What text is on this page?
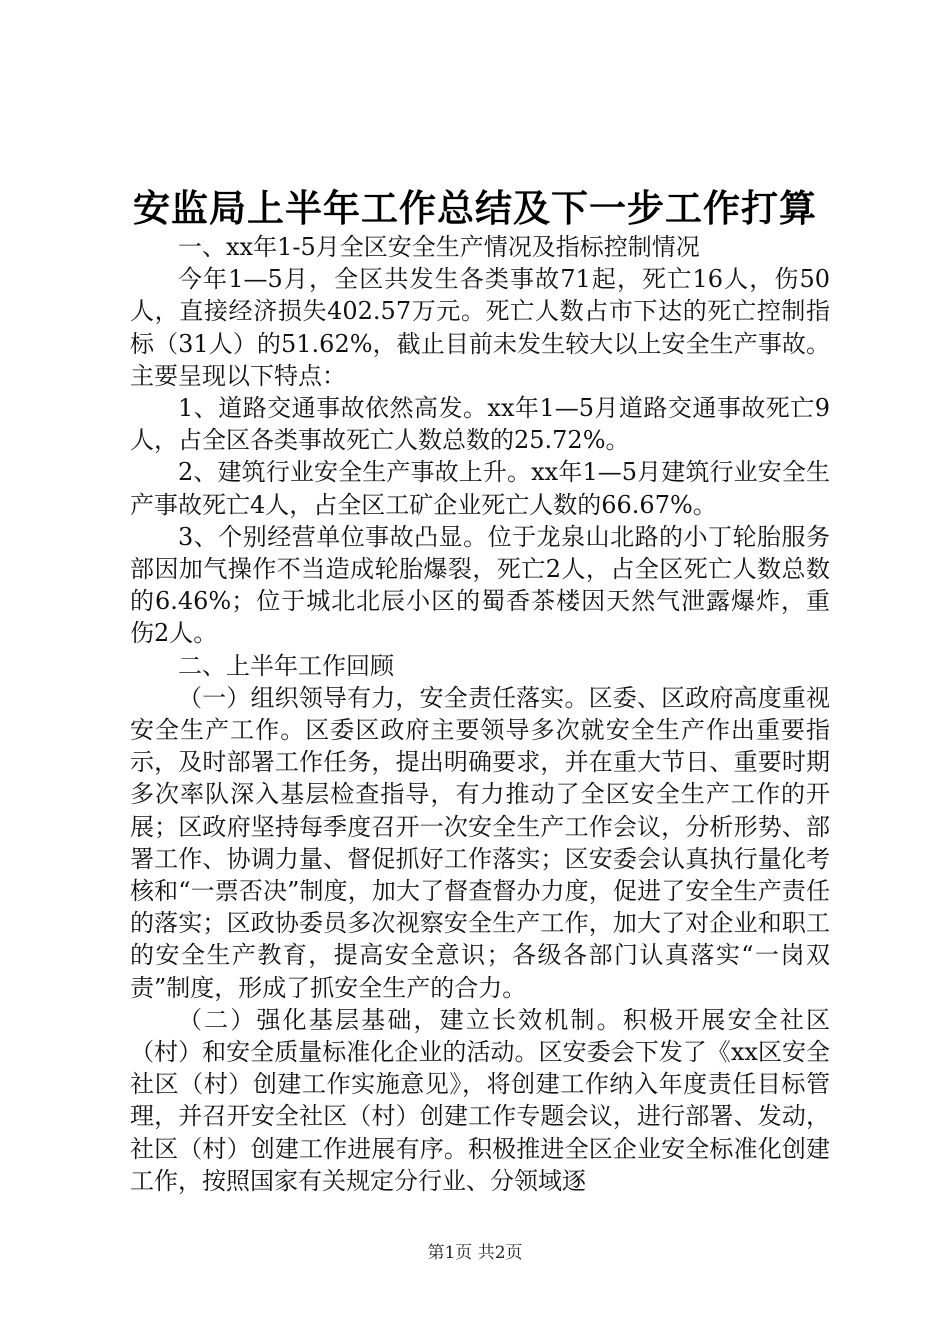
安监局上半年工作总结及下一步工作打算

一、xx年1-5月全区安全生产情况及指标控制情况

今年1—5月，全区共发生各类事故71起，死亡16人，伤50人，直接经济损失402.57万元。死亡人数占市下达的死亡控制指标（31人）的51.62%，截止目前未发生较大以上安全生产事故。主要呈现以下特点：

1、道路交通事故依然高发。xx年1—5月道路交通事故死亡9人，占全区各类事故死亡人数总数的25.72%。

2、建筑行业安全生产事故上升。xx年1—5月建筑行业安全生产事故死亡4人，占全区工矿企业死亡人数的66.67%。

3、个别经营单位事故凸显。位于龙泉山北路的小丁轮胎服务部因加气操作不当造成轮胎爆裂，死亡2人，占全区死亡人数总数的6.46%；位于城北北辰小区的蜀香茶楼因天然气泄露爆炸，重伤2人。

二、上半年工作回顾

（一）组织领导有力，安全责任落实。区委、区政府高度重视安全生产工作。区委区政府主要领导多次就安全生产作出重要指示，及时部署工作任务，提出明确要求，并在重大节日、重要时期多次率队深入基层检查指导，有力推动了全区安全生产工作的开展；区政府坚持每季度召开一次安全生产工作会议，分析形势、部署工作、协调力量、督促抓好工作落实；区安委会认真执行量化考核和“一票否决”制度，加大了督查督办力度，促进了安全生产责任的落实；区政协委员多次视察安全生产工作，加大了对企业和职工的安全生产教育，提高安全意识；各级各部门认真落实“一岗双责”制度，形成了抓安全生产的合力。

（二）强化基层基础，建立长效机制。积极开展安全社区（村）和安全质量标准化企业的活动。区安委会下发了《xx区安全社区（村）创建工作实施意见》，将创建工作纳入年度责任目标管理，并召开安全社区（村）创建工作专题会议，进行部署、发动，社区（村）创建工作进展有序。积极推进全区企业安全标准化创建工作，按照国家有关规定分行业、分领域逐

第1页 共2页
